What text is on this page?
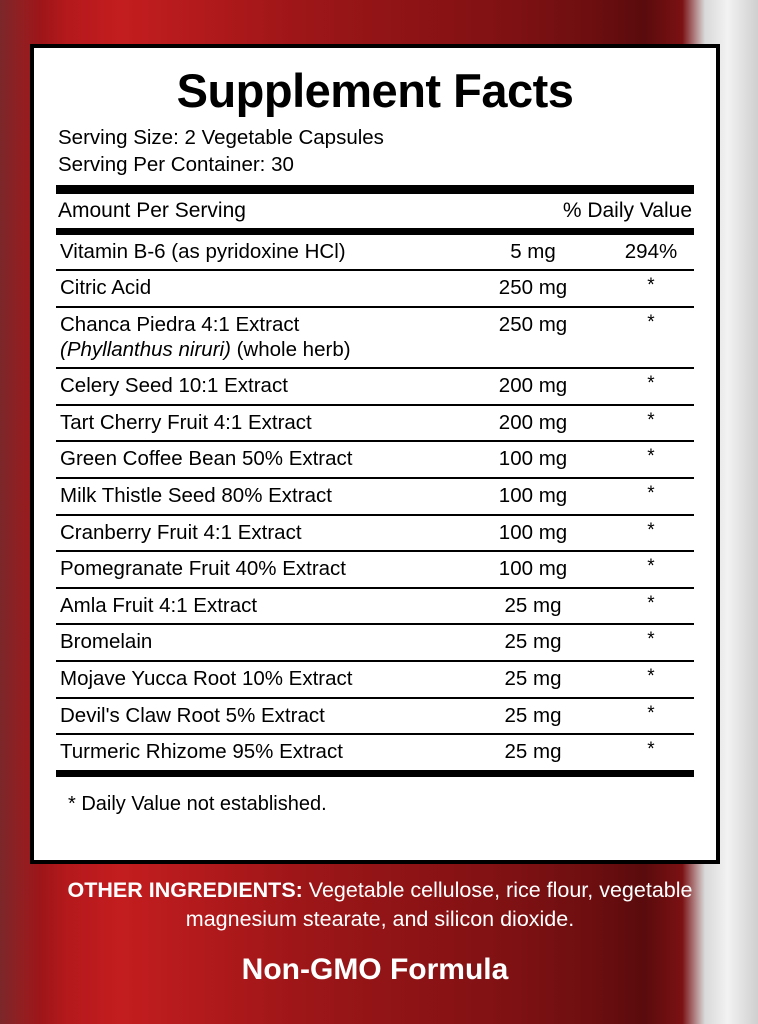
Supplement Facts
Serving Size: 2 Vegetable Capsules
Serving Per Container: 30
Amount Per Serving	% Daily Value
Vitamin B-6 (as pyridoxine HCl)	5 mg	294%
Citric Acid	250 mg	*
Chanca Piedra 4:1 Extract
(Phyllanthus niruri) (whole herb)
250 mg	*
Celery Seed 10:1 Extract	200 mg	*
Tart Cherry Fruit 4:1 Extract	200 mg	*
Green Coffee Bean 50% Extract	100 mg	*
Milk Thistle Seed 80% Extract	100 mg	*
Cranberry Fruit 4:1 Extract	100 mg	*
Pomegranate Fruit 40% Extract	100 mg	*
Amla Fruit 4:1 Extract	25 mg	*
Bromelain	25 mg	*
Mojave Yucca Root 10% Extract	25 mg	*
Devil's Claw Root 5% Extract	25 mg	*
Turmeric Rhizome 95% Extract	25 mg	*
* Daily Value not established.
OTHER INGREDIENTS: Vegetable cellulose, rice flour, vegetable magnesium stearate, and silicon dioxide.
Non-GMO Formula
